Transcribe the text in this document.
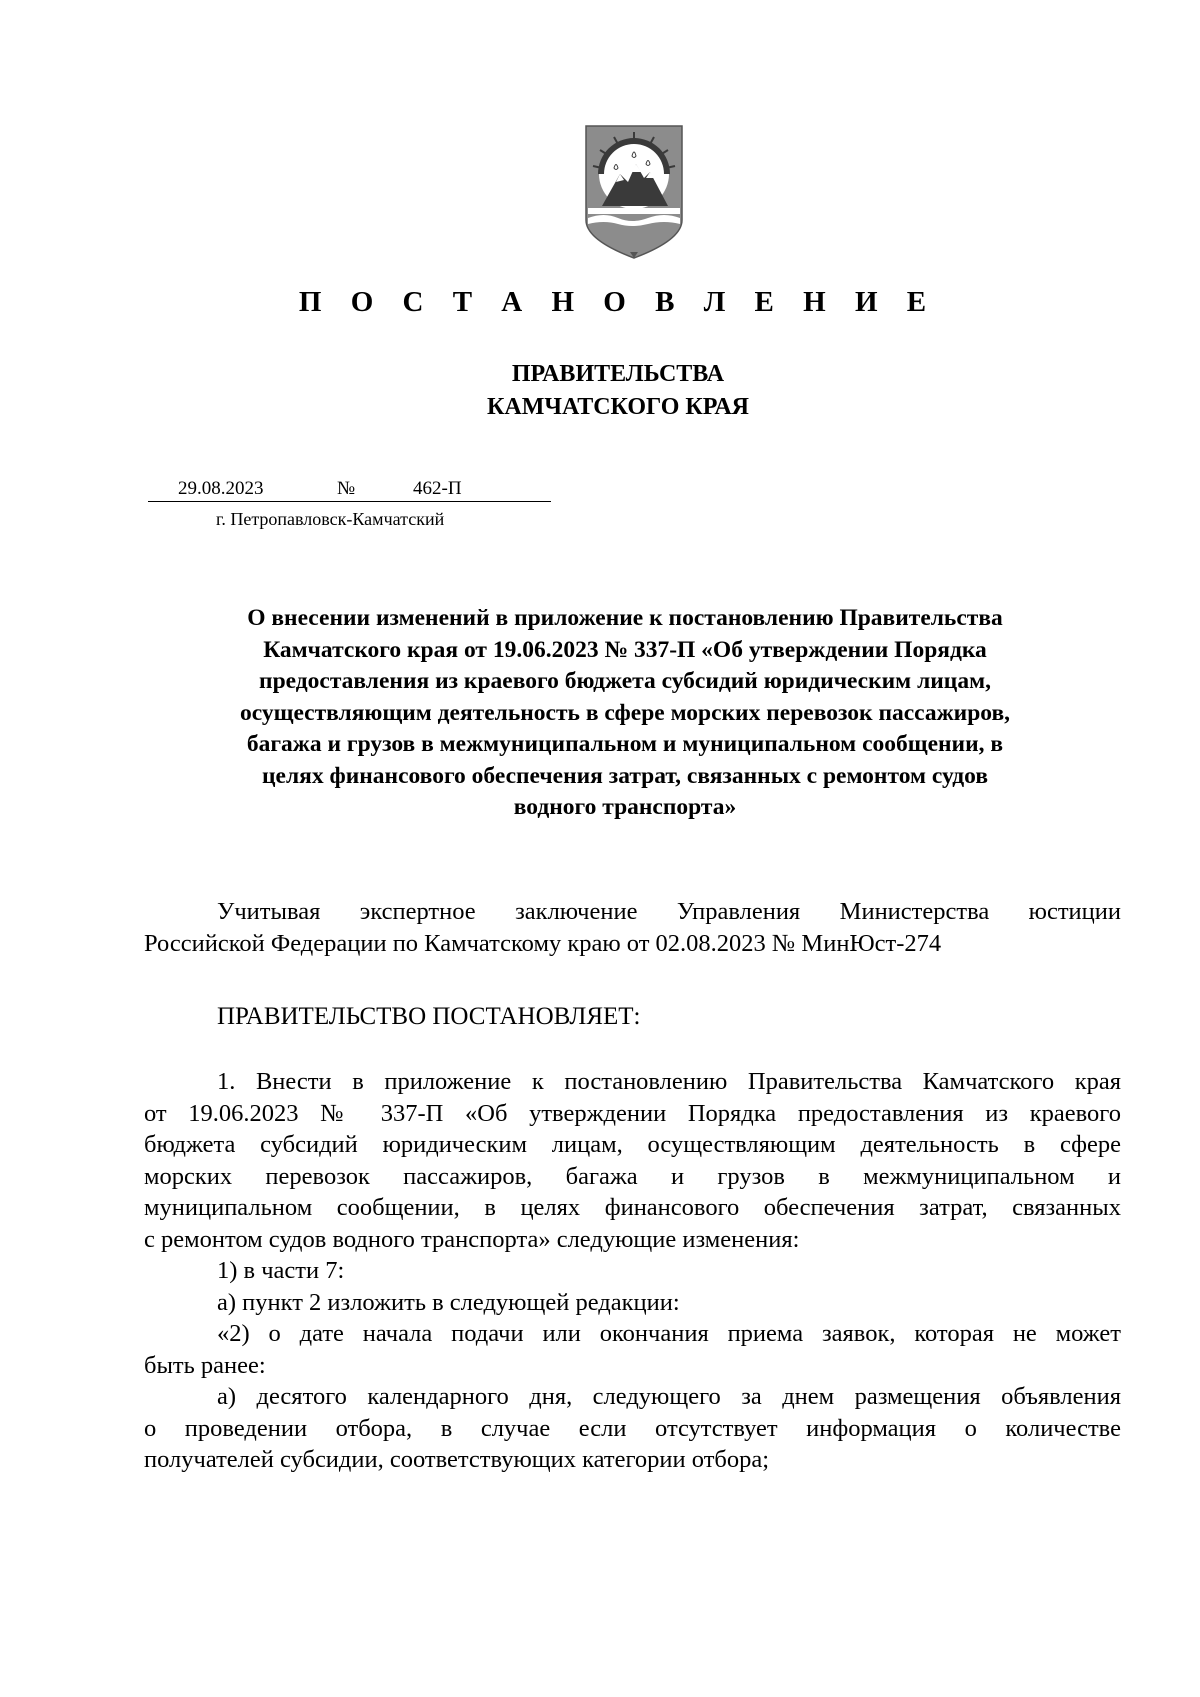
П О С Т А Н О В Л Е Н И Е
ПРАВИТЕЛЬСТВА
КАМЧАТСКОГО КРАЯ
29.08.2023	№	462-П
г. Петропавловск-Камчатский
О внесении изменений в приложение к постановлению Правительства
Камчатского края от 19.06.2023 № 337-П «Об утверждении Порядка
предоставления из краевого бюджета субсидий юридическим лицам,
осуществляющим деятельность в сфере морских перевозок пассажиров,
багажа и грузов в межмуниципальном и муниципальном сообщении, в
целях финансового обеспечения затрат, связанных с ремонтом судов
водного транспорта»
Учитывая экспертное заключение Управления Министерства юстиции
Российской Федерации по Камчатскому краю от 02.08.2023 № МинЮст-274
ПРАВИТЕЛЬСТВО ПОСТАНОВЛЯЕТ:
1. Внести в приложение к постановлению Правительства Камчатского края
от 19.06.2023 № 337-П «Об утверждении Порядка предоставления из краевого
бюджета субсидий юридическим лицам, осуществляющим деятельность в сфере
морских перевозок пассажиров, багажа и грузов в межмуниципальном и
муниципальном сообщении, в целях финансового обеспечения затрат, связанных
с ремонтом судов водного транспорта» следующие изменения:
1) в части 7:
а) пункт 2 изложить в следующей редакции:
«2) о дате начала подачи или окончания приема заявок, которая не может
быть ранее:
а) десятого календарного дня, следующего за днем размещения объявления
о проведении отбора, в случае если отсутствует информация о количестве
получателей субсидии, соответствующих категории отбора;
